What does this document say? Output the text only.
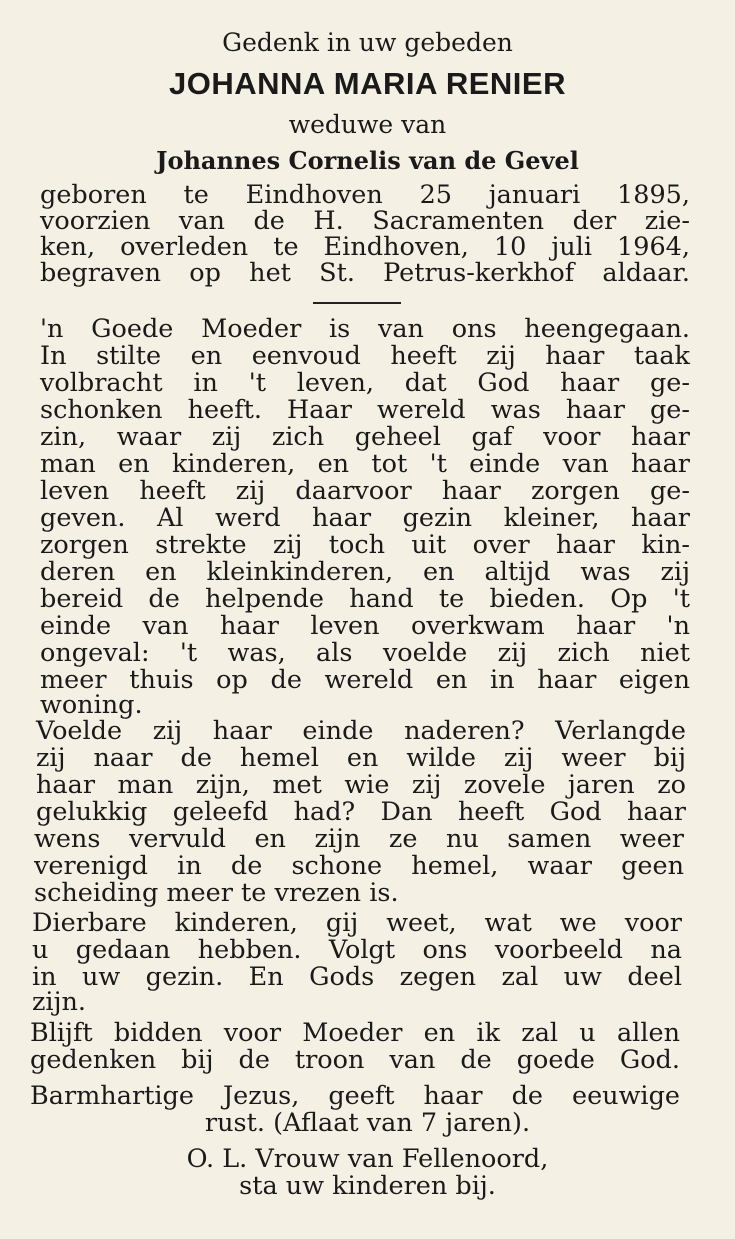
Gedenk in uw gebeden
JOHANNA MARIA RENIER
weduwe van
Johannes Cornelis van de Gevel
geboren te Eindhoven 25 januari 1895,
voorzien van de H. Sacramenten der zie-
ken, overleden te Eindhoven, 10 juli 1964,
begraven op het St. Petrus-kerkhof aldaar.
'n Goede Moeder is van ons heengegaan.
In stilte en eenvoud heeft zij haar taak
volbracht in 't leven, dat God haar ge-
schonken heeft. Haar wereld was haar ge-
zin, waar zij zich geheel gaf voor haar
man en kinderen, en tot 't einde van haar
leven heeft zij daarvoor haar zorgen ge-
geven. Al werd haar gezin kleiner, haar
zorgen strekte zij toch uit over haar kin-
deren en kleinkinderen, en altijd was zij
bereid de helpende hand te bieden. Op 't
einde van haar leven overkwam haar 'n
ongeval: 't was, als voelde zij zich niet
meer thuis op de wereld en in haar eigen
woning.
Voelde zij haar einde naderen? Verlangde
zij naar de hemel en wilde zij weer bij
haar man zijn, met wie zij zovele jaren zo
gelukkig geleefd had? Dan heeft God haar
wens vervuld en zijn ze nu samen weer
verenigd in de schone hemel, waar geen
scheiding meer te vrezen is.
Dierbare kinderen, gij weet, wat we voor
u gedaan hebben. Volgt ons voorbeeld na
in uw gezin. En Gods zegen zal uw deel
zijn.
Blijft bidden voor Moeder en ik zal u allen
gedenken bij de troon van de goede God.
Barmhartige Jezus, geeft haar de eeuwige
rust. (Aflaat van 7 jaren).
O. L. Vrouw van Fellenoord,
sta uw kinderen bij.
